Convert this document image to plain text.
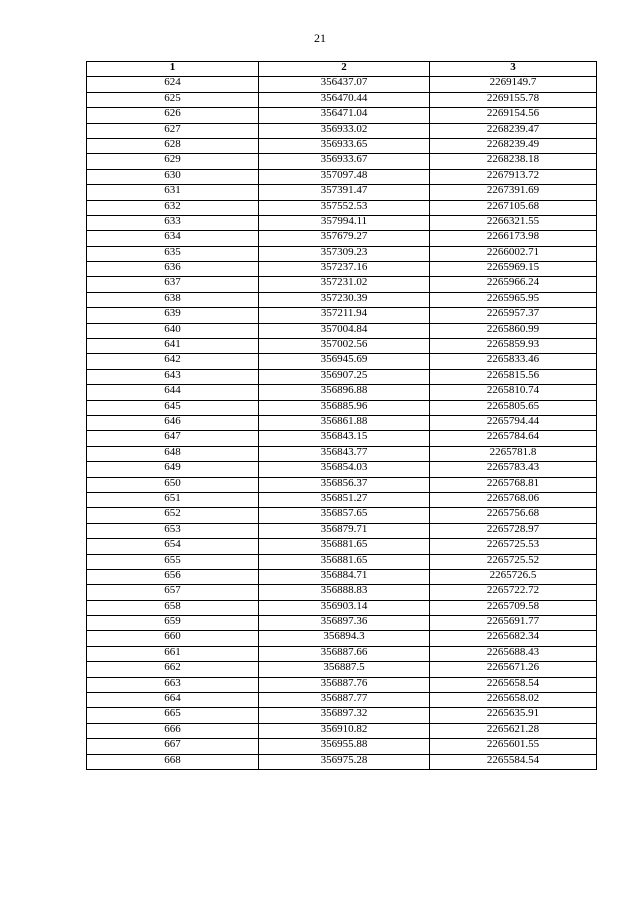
21
1	2	3
624	356437.07	2269149.7
625	356470.44	2269155.78
626	356471.04	2269154.56
627	356933.02	2268239.47
628	356933.65	2268239.49
629	356933.67	2268238.18
630	357097.48	2267913.72
631	357391.47	2267391.69
632	357552.53	2267105.68
633	357994.11	2266321.55
634	357679.27	2266173.98
635	357309.23	2266002.71
636	357237.16	2265969.15
637	357231.02	2265966.24
638	357230.39	2265965.95
639	357211.94	2265957.37
640	357004.84	2265860.99
641	357002.56	2265859.93
642	356945.69	2265833.46
643	356907.25	2265815.56
644	356896.88	2265810.74
645	356885.96	2265805.65
646	356861.88	2265794.44
647	356843.15	2265784.64
648	356843.77	2265781.8
649	356854.03	2265783.43
650	356856.37	2265768.81
651	356851.27	2265768.06
652	356857.65	2265756.68
653	356879.71	2265728.97
654	356881.65	2265725.53
655	356881.65	2265725.52
656	356884.71	2265726.5
657	356888.83	2265722.72
658	356903.14	2265709.58
659	356897.36	2265691.77
660	356894.3	2265682.34
661	356887.66	2265688.43
662	356887.5	2265671.26
663	356887.76	2265658.54
664	356887.77	2265658.02
665	356897.32	2265635.91
666	356910.82	2265621.28
667	356955.88	2265601.55
668	356975.28	2265584.54
